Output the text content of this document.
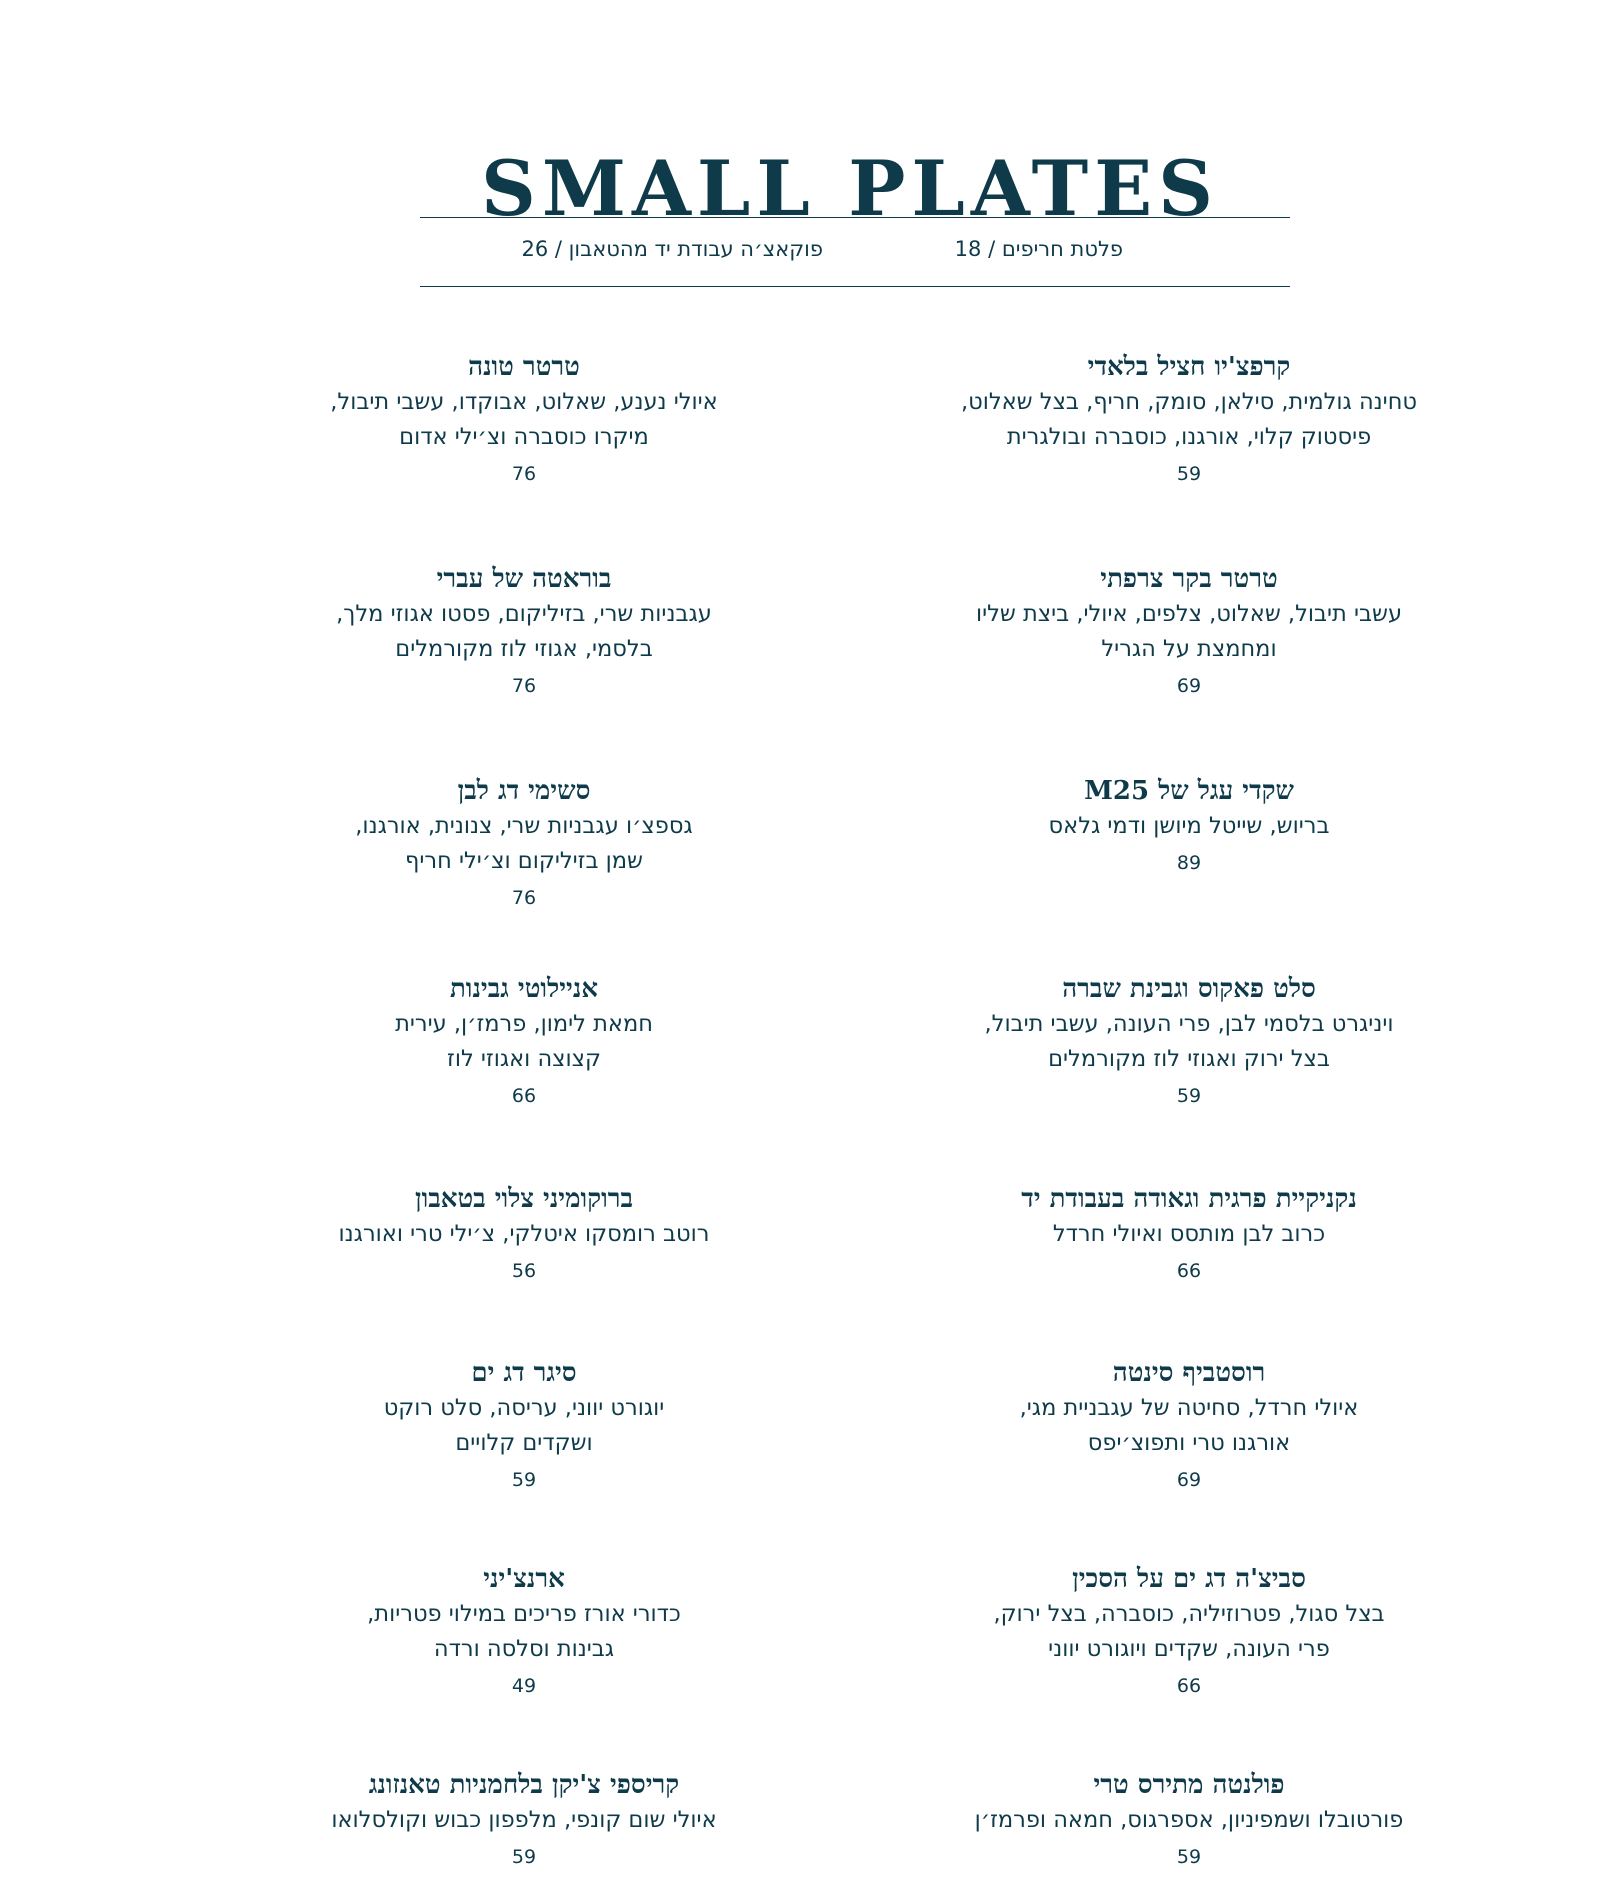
SMALL PLATES
פלטת חריפים / 18
פוקאצ׳ה עבודת יד מהטאבון / 26
קרפצ'יו חציל בלאדי
טחינה גולמית, סילאן, סומק, חריף, בצל שאלוט,
פיסטוק קלוי, אורגנו, כוסברה ובולגרית
59
טרטר בקר צרפתי
עשבי תיבול, שאלוט, צלפים, איולי, ביצת שליו
ומחמצת על הגריל
69
שקדי עגל של M25
בריוש, שייטל מיושן ודמי גלאס
89
סלט פאקוס וגבינת שברה
ויניגרט בלסמי לבן, פרי העונה, עשבי תיבול,
בצל ירוק ואגוזי לוז מקורמלים
59
נקניקיית פרגית וגאודה בעבודת יד
כרוב לבן מותסס ואיולי חרדל
66
רוסטביף סינטה
איולי חרדל, סחיטה של עגבניית מגי,
אורגנו טרי ותפוצ׳יפס
69
סביצ'ה דג ים על הסכין
בצל סגול, פטרוזיליה, כוסברה, בצל ירוק,
פרי העונה, שקדים ויוגורט יווני
66
פולנטה מתירס טרי
פורטובלו ושמפיניון, אספרגוס, חמאה ופרמז׳ן
59
טרטר טונה
איולי נענע, שאלוט, אבוקדו, עשבי תיבול,
מיקרו כוסברה וצ׳ילי אדום
76
בוראטה של עברי
עגבניות שרי, בזיליקום, פסטו אגוזי מלך,
בלסמי, אגוזי לוז מקורמלים
76
סשימי דג לבן
גספצ׳ו עגבניות שרי, צנונית, אורגנו,
שמן בזיליקום וצ׳ילי חריף
76
אניילוטי גבינות
חמאת לימון, פרמז׳ן, עירית
קצוצה ואגוזי לוז
66
ברוקומיני צלוי בטאבון
רוטב רומסקו איטלקי, צ׳ילי טרי ואורגנו
56
סיגר דג ים
יוגורט יווני, עריסה, סלט רוקט
ושקדים קלויים
59
ארנצ'יני
כדורי אורז פריכים במילוי פטריות,
גבינות וסלסה ורדה
49
קריספי צ'יקן בלחמניות טאנזונג
איולי שום קונפי, מלפפון כבוש וקולסלואו
59
